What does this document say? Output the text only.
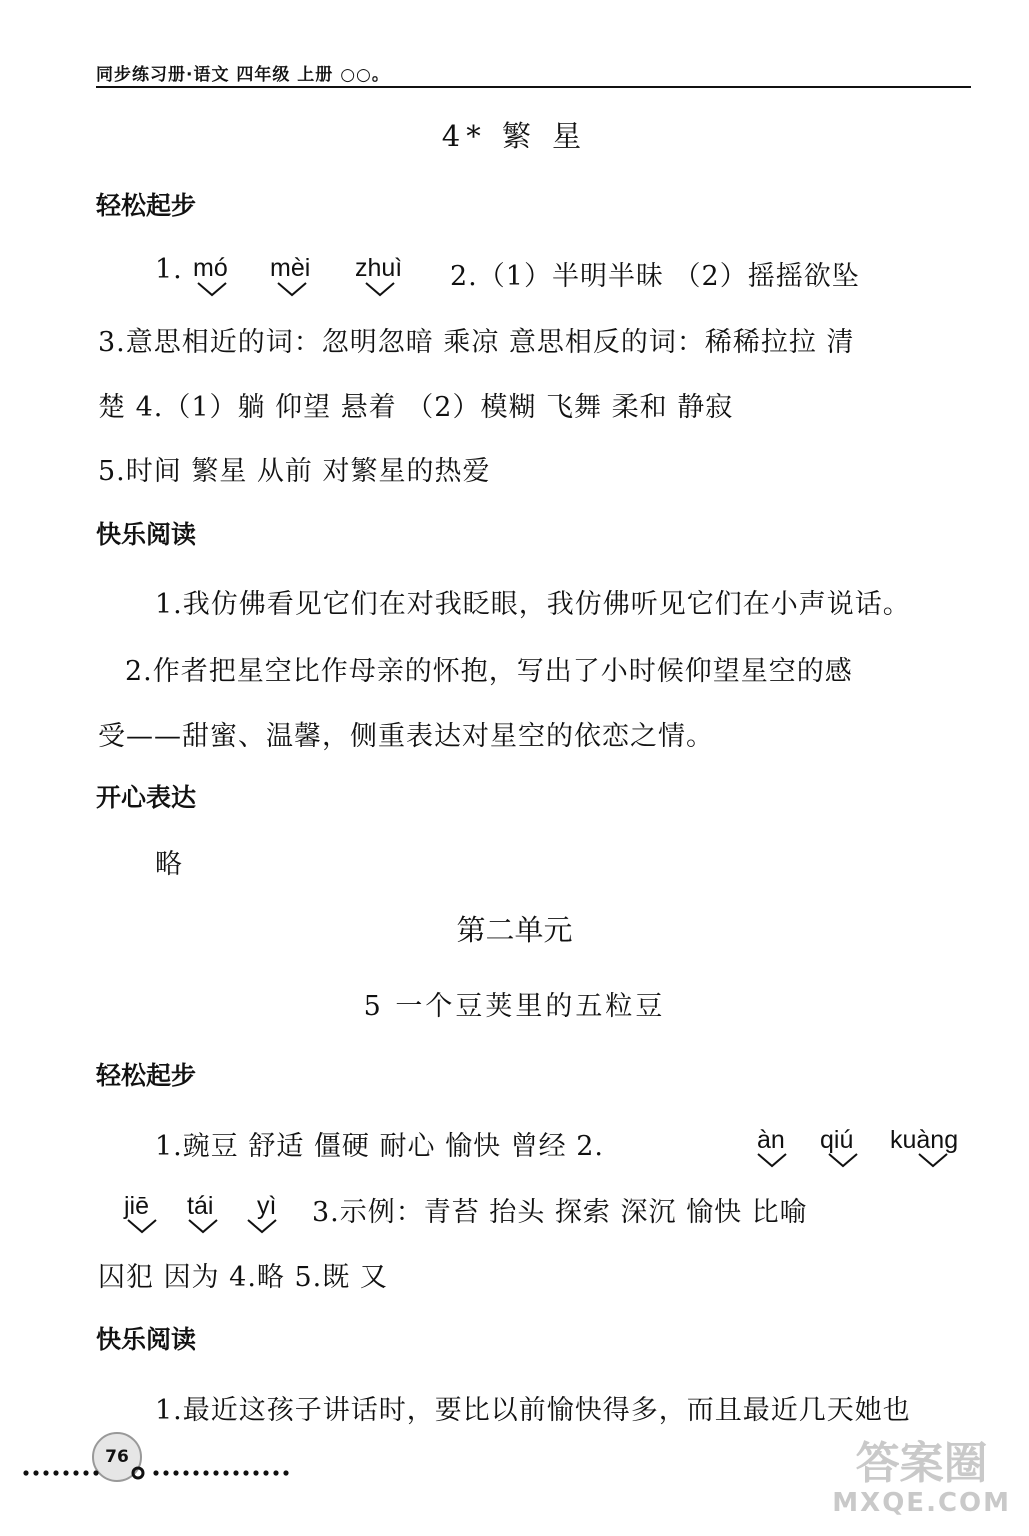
同步练习册·语文 四年级 上册 ○○。
4* 繁 星
轻松起步
1. mó mèi zhuì 2.（1）半明半昧 （2）摇摇欲坠
3.意思相近的词：忽明忽暗 乘凉 意思相反的词：稀稀拉拉 清
楚 4.（1）躺 仰望 悬着 （2）模糊 飞舞 柔和 静寂
5.时间 繁星 从前 对繁星的热爱
快乐阅读
1.我仿佛看见它们在对我眨眼，我仿佛听见它们在小声说话。
2.作者把星空比作母亲的怀抱，写出了小时候仰望星空的感
受——甜蜜、温馨，侧重表达对星空的依恋之情。
开心表达
略
第二单元
5 一个豆荚里的五粒豆
轻松起步
1.豌豆 舒适 僵硬 耐心 愉快 曾经 2.	àn qiú kuàng
jiē tái yì 3.示例：青苔 抬头 探索 深沉 愉快 比喻
囚犯 因为 4.略 5.既 又
快乐阅读
1.最近这孩子讲话时，要比以前愉快得多，而且最近几天她也
76	答案圈
MXQE.COM
